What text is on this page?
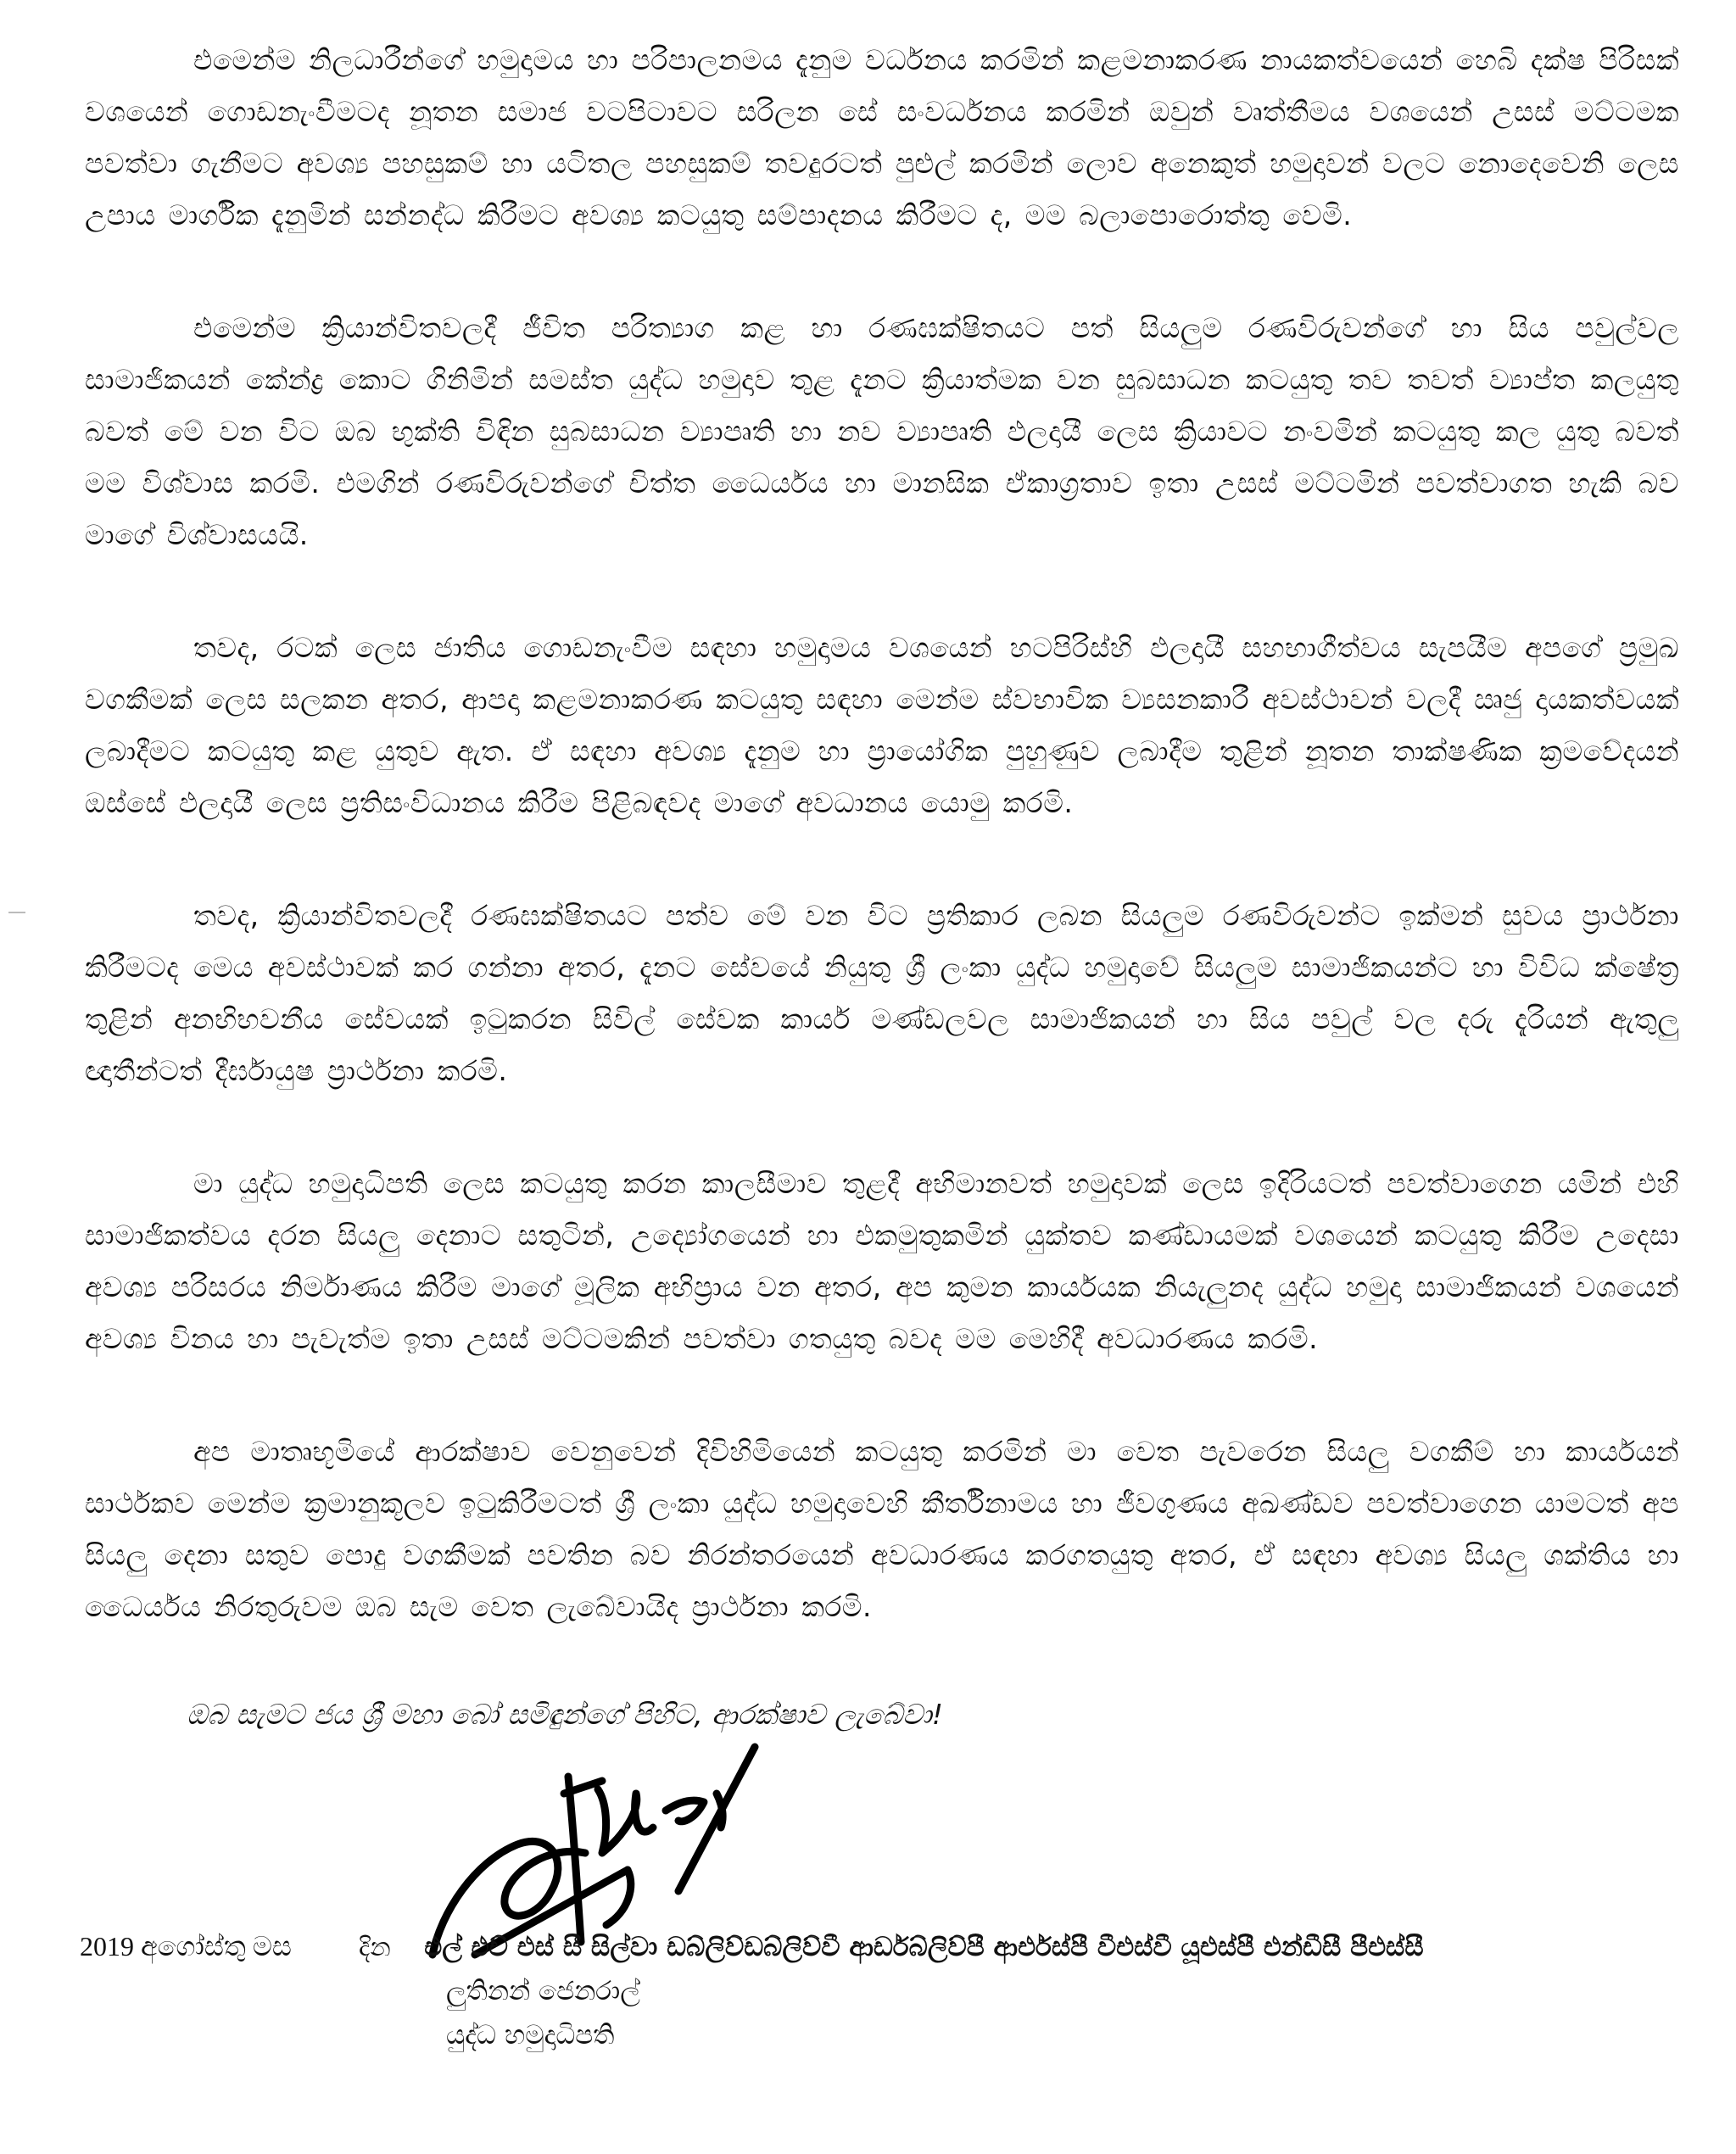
එමෙන්ම නිලධාරීන්ගේ හමුදාමය හා පරිපාලනමය දැනුම වර්ධනය කරමින් කළමනාකරණ නායකත්වයෙන් හෙබි දක්ෂ පිරිසක් වශයෙන් ගොඩනැංවීමටද නූතන සමාජ වටපිටාවට සරිලන සේ සංවර්ධනය කරමින් ඔවුන් වෘත්තීමය වශයෙන් උසස් මට්ටමක පවත්වා ගැනීමට අවශ්‍ය පහසුකම් හා යටිතල පහසුකම් තවදුරටත් පුළුල් කරමින් ලොව අනෙකුත් හමුදාවන් වලට නොදෙවෙනි ලෙස උපාය මාර්ගික දැනුමින් සන්නද්ධ කිරීමට අවශ්‍ය කටයුතු සම්පාදනය කිරීමට ද, මම බලාපොරොත්තු වෙමි.

එමෙන්ම ක්‍රියාන්විතවලදී ජීවිත පරිත්‍යාග කළ හා රණඝක්ෂිතයට පත් සියලුම රණවිරුවන්ගේ හා සිය පවුල්වල සාමාජිකයන් කේන්ද්‍ර කොට ගිනිමින් සමස්ත යුද්ධ හමුදාව තුළ දැනට ක්‍රියාත්මක වන සුබසාධන කටයුතු තව තවත් ව්‍යාප්ත කලයුතු බවත් මේ වන විට ඔබ භුක්ති විඳින සුබසාධන ව්‍යාපෘති හා නව ව්‍යාපෘති ඵලදායී ලෙස ක්‍රියාවට නංවමින් කටයුතු කල යුතු බවත් මම විශ්වාස කරමි. එමගින් රණවිරුවන්ගේ චිත්ත ධෛර්යය හා මානසික ඒකාග්‍රතාව ඉතා උසස් මට්ටමින් පවත්වාගත හැකි බව මාගේ විශ්වාසයයි.

තවද, රටක් ලෙස ජාතිය ගොඩනැංවීම සඳහා හමුදාමය වශයෙන් හටපිරිස්හි ඵලදායී සහභාගීත්වය සැපයීම අපගේ ප්‍රමුඛ වගකීමක් ලෙස සලකන අතර, ආපදා කළමනාකරණ කටයුතු සඳහා මෙන්ම ස්වභාවික ව්‍යසනකාරී අවස්ථාවන් වලදී ඍජු දායකත්වයක් ලබාදීමට කටයුතු කළ යුතුව ඇත. ඒ සඳහා අවශ්‍ය දැනුම හා ප්‍රායෝගික පුහුණුව ලබාදීම තුළින් නූතන තාක්ෂණික ක්‍රමවේදයන් ඔස්සේ ඵලදායී ලෙස ප්‍රතිසංවිධානය කිරීම පිළිබඳවද මාගේ අවධානය යොමු කරමි.

තවද, ක්‍රියාන්විතවලදී රණඝක්ෂිතයට පත්ව මේ වන විට ප්‍රතිකාර ලබන සියලුම රණවිරුවන්ට ඉක්මන් සුවය ප්‍රාර්ථනා කිරීමටද මෙය අවස්ථාවක් කර ගන්නා අතර, දැනට සේවයේ නියුතු ශ්‍රී ලංකා යුද්ධ හමුදාවේ සියලුම සාමාජිකයන්ට හා විවිධ ක්ෂේත්‍ර තුළින් අනභිභවනීය සේවයක් ඉටුකරන සිවිල් සේවක කාර්ය මණ්ඩලවල සාමාජිකයන් හා සිය පවුල් වල දරු දැරියන් ඇතුලු ඥාතීන්ටත් දීර්ඝායුෂ ප්‍රාර්ථනා කරමි.

මා යුද්ධ හමුදාධිපති ලෙස කටයුතු කරන කාලසීමාව තුළදී අභිමානවත් හමුදාවක් ලෙස ඉදිරියටත් පවත්වාගෙන යමින් එහි සාමාජිකත්වය දරන සියලු දෙනාට සතුටින්, උද්‍යෝගයෙන් හා එකමුතුකමින් යුක්තව කණ්ඩායමක් වශයෙන් කටයුතු කිරීම උදෙසා අවශ්‍ය පරිසරය නිර්මාණය කිරීම මාගේ මූලික අභිප්‍රාය වන අතර, අප කුමන කාර්යයක නියැලුනද යුද්ධ හමුදා සාමාජිකයන් වශයෙන් අවශ්‍ය විනය හා පැවැත්ම ඉතා උසස් මට්ටමකින් පවත්වා ගතයුතු බවද මම මෙහිදී අවධාරණය කරමි.

අප මාතෘභූමියේ ආරක්ෂාව වෙනුවෙන් දිවිහිමියෙන් කටයුතු කරමින් මා වෙත පැවරෙන සියලු වගකීම් හා කාර්යයන් සාර්ථකව මෙන්ම ක්‍රමානුකූලව ඉටුකිරීමටත් ශ්‍රී ලංකා යුද්ධ හමුදාවෙහි කීර්තිනාමය හා ජීවගුණය අඛණ්ඩව පවත්වාගෙන යාමටත් අප සියලු දෙනා සතුව පොදු වගකීමක් පවතින බව නිරන්තරයෙන් අවධාරණය කරගතයුතු අතර, ඒ සඳහා අවශ්‍ය සියලු ශක්තිය හා ධෛර්යය නිරතුරුවම ඔබ සැම වෙත ලැබේවායිද ප්‍රාර්ථනා කරමි.

ඔබ සැමට ජය ශ්‍රී මහා බෝ සමිඳුන්ගේ පිහිට, ආරක්ෂාව ලැබේවා!

2019 අගෝස්තු මස	දින එල් එච් එස් සී සිල්වා ඩබ්ලිව්ඩබ්ලිව්වී ආර්ඩබ්ලිව්පී ආර්එස්පී වීඑස්වී යූඑස්පී එන්ඩීසී පීඑස්සී
ලුතිනන් ජෙනරාල්
යුද්ධ හමුදාධිපති
